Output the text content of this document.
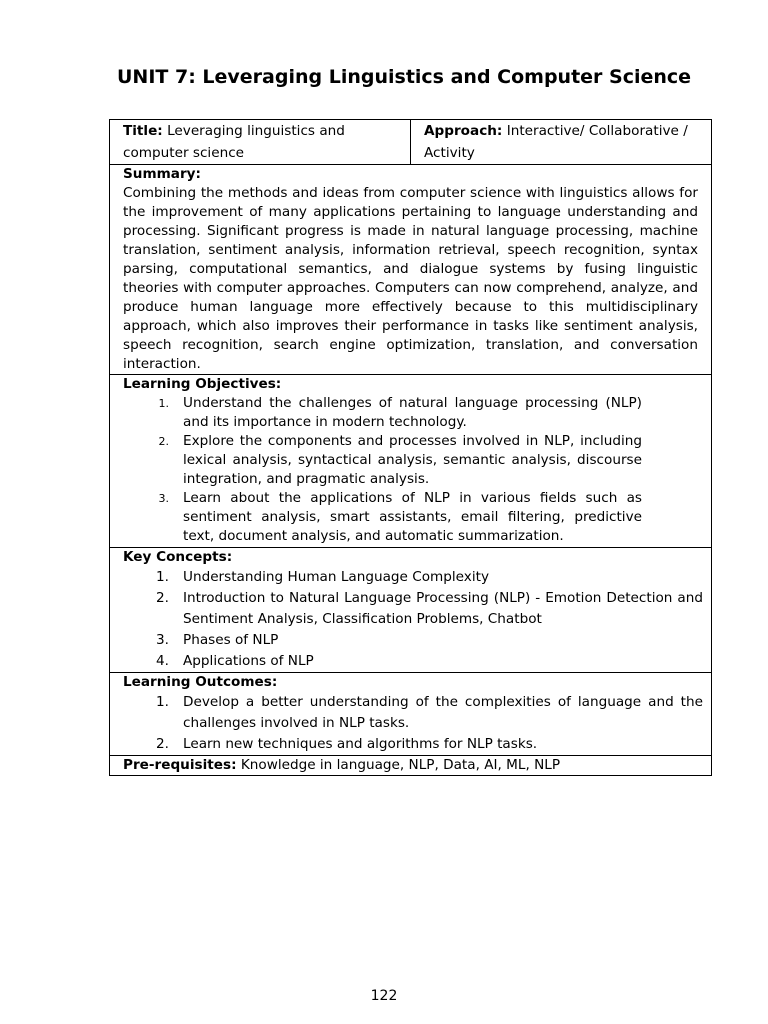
UNIT 7: Leveraging Linguistics and Computer Science
Title: Leveraging linguistics and computer science
Approach: Interactive/ Collaborative / Activity
Summary:

Combining the methods and ideas from computer science with linguistics allows for the improvement of many applications pertaining to language understanding and processing. Significant progress is made in natural language processing, machine translation, sentiment analysis, information retrieval, speech recognition, syntax parsing, computational semantics, and dialogue systems by fusing linguistic theories with computer approaches. Computers can now comprehend, analyze, and produce human language more effectively because to this multidisciplinary approach, which also improves their performance in tasks like sentiment analysis, speech recognition, search engine optimization, translation, and conversation interaction.

Learning Objectives:
1.	Understand the challenges of natural language processing (NLP) and its importance in modern technology.
2.	Explore the components and processes involved in NLP, including lexical analysis, syntactical analysis, semantic analysis, discourse integration, and pragmatic analysis.
3.	Learn about the applications of NLP in various fields such as sentiment analysis, smart assistants, email filtering, predictive text, document analysis, and automatic summarization.
Key Concepts:
1.	Understanding Human Language Complexity
2.	Introduction to Natural Language Processing (NLP) - Emotion Detection and Sentiment Analysis, Classification Problems, Chatbot
3.	Phases of NLP
4.	Applications of NLP
Learning Outcomes:
1.	Develop a better understanding of the complexities of language and the challenges involved in NLP tasks.
2.	Learn new techniques and algorithms for NLP tasks.
Pre-requisites: Knowledge in language, NLP, Data, AI, ML, NLP
122
